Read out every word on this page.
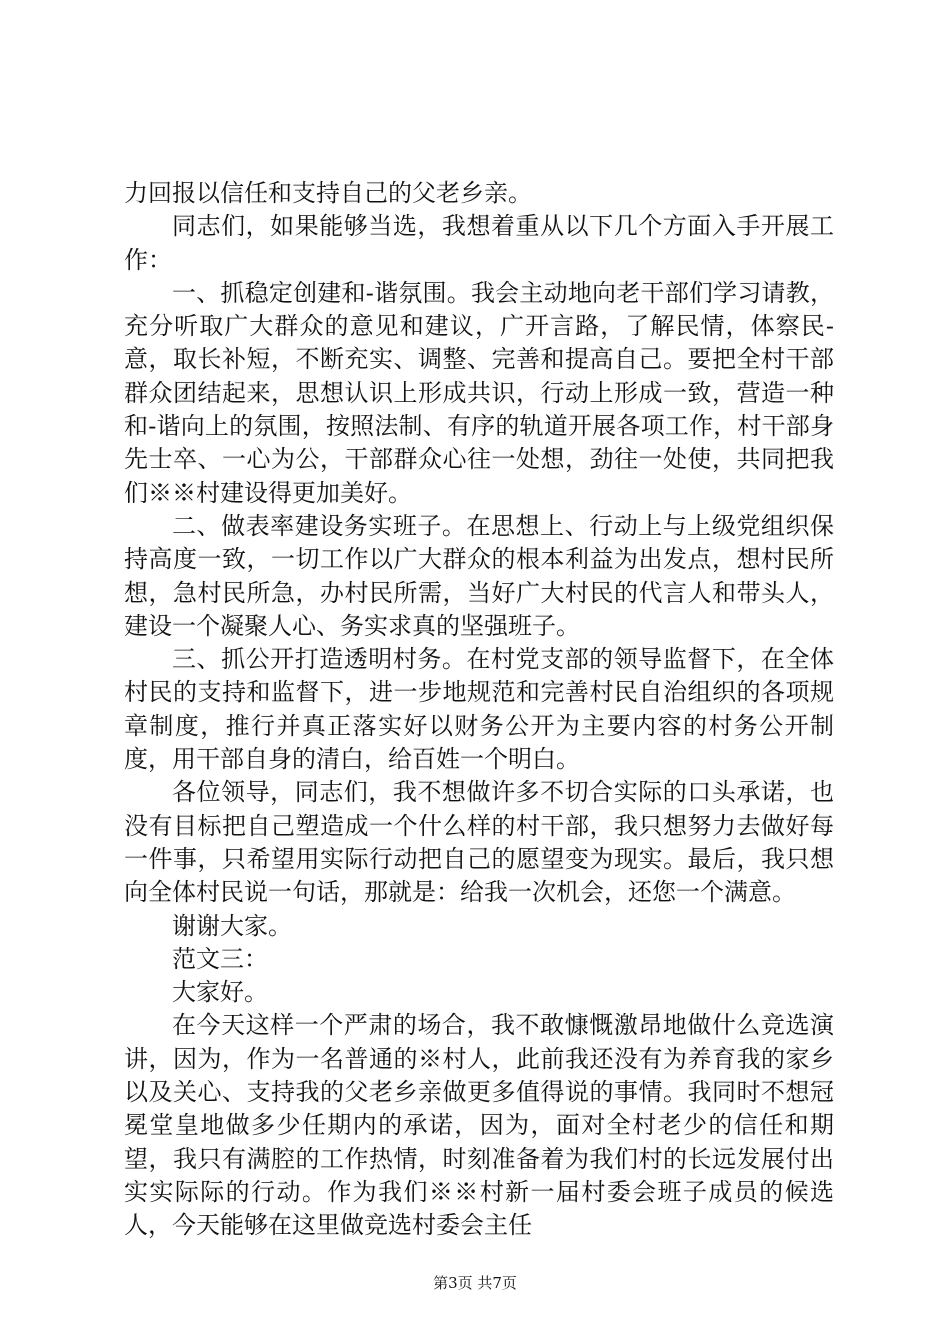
力回报以信任和支持自己的父老乡亲。

同志们，如果能够当选，我想着重从以下几个方面入手开展工作：

一、抓稳定创建和-谐氛围。我会主动地向老干部们学习请教，充分听取广大群众的意见和建议，广开言路，了解民情，体察民-意，取长补短，不断充实、调整、完善和提高自己。要把全村干部群众团结起来，思想认识上形成共识，行动上形成一致，营造一种和-谐向上的氛围，按照法制、有序的轨道开展各项工作，村干部身先士卒、一心为公，干部群众心往一处想，劲往一处使，共同把我们※※村建设得更加美好。

二、做表率建设务实班子。在思想上、行动上与上级党组织保持高度一致，一切工作以广大群众的根本利益为出发点，想村民所想，急村民所急，办村民所需，当好广大村民的代言人和带头人，建设一个凝聚人心、务实求真的坚强班子。

三、抓公开打造透明村务。在村党支部的领导监督下，在全体村民的支持和监督下，进一步地规范和完善村民自治组织的各项规章制度，推行并真正落实好以财务公开为主要内容的村务公开制度，用干部自身的清白，给百姓一个明白。

各位领导，同志们，我不想做许多不切合实际的口头承诺，也没有目标把自己塑造成一个什么样的村干部，我只想努力去做好每一件事，只希望用实际行动把自己的愿望变为现实。最后，我只想向全体村民说一句话，那就是：给我一次机会，还您一个满意。

谢谢大家。

范文三：

大家好。

在今天这样一个严肃的场合，我不敢慷慨激昂地做什么竞选演讲，因为，作为一名普通的※村人，此前我还没有为养育我的家乡以及关心、支持我的父老乡亲做更多值得说的事情。我同时不想冠冕堂皇地做多少任期内的承诺，因为，面对全村老少的信任和期望，我只有满腔的工作热情，时刻准备着为我们村的长远发展付出实实际际的行动。作为我们※※村新一届村委会班子成员的候选人，今天能够在这里做竞选村委会主任

第3页 共7页
